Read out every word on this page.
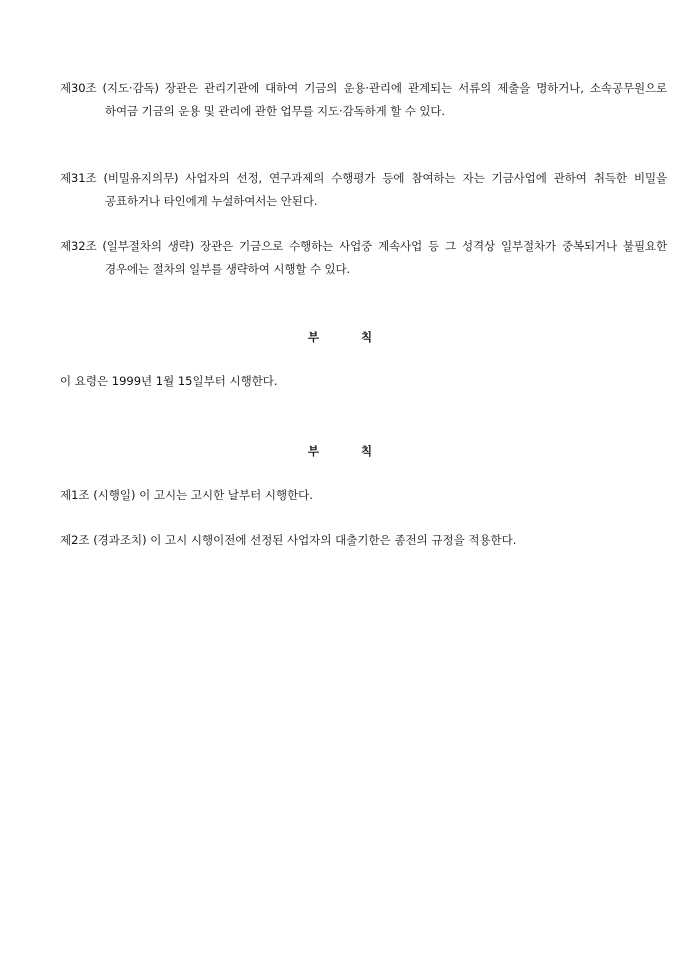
제30조 (지도·감독) 장관은 관리기관에 대하여 기금의 운용·관리에 관계되는 서류의 제출을 명하거나, 소속공무원으로 하여금 기금의 운용 및 관리에 관한 업무를 지도·감독하게 할 수 있다.

제31조 (비밀유지의무) 사업자의 선정, 연구과제의 수행평가 등에 참여하는 자는 기금사업에 관하여 취득한 비밀을 공표하거나 타인에게 누설하여서는 안된다.

제32조 (일부절차의 생략) 장관은 기금으로 수행하는 사업중 계속사업 등 그 성격상 일부절차가 중복되거나 불필요한 경우에는 절차의 일부를 생략하여 시행할 수 있다.

부 칙
이 요령은 1999년 1월 15일부터 시행한다.
부 칙
제1조 (시행일) 이 고시는 고시한 날부터 시행한다.
제2조 (경과조치) 이 고시 시행이전에 선정된 사업자의 대출기한은 종전의 규정을 적용한다.
